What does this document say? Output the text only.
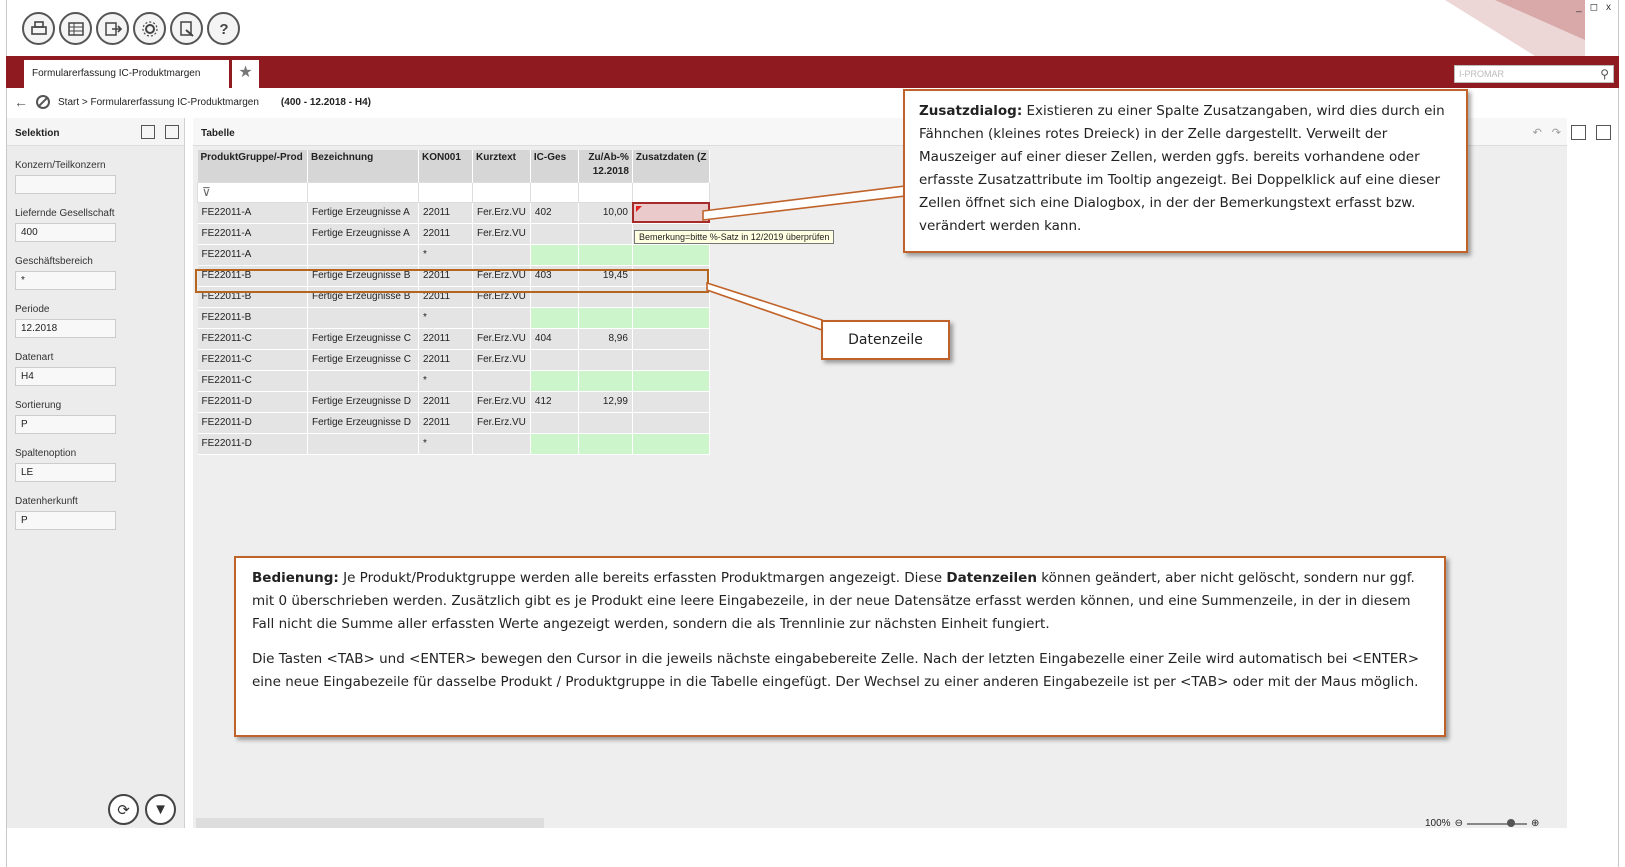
_ ◻ x
?
Formularerfassung IC-Produktmargen	★	I-PROMAR	⚲
←	Start > Formularerfassung IC-Produktmargen (400 - 12.2018 - H4)
Selektion
Konzern/Teilkonzern
Liefernde Gesellschaft
400
Geschäftsbereich
*
Periode
12.2018
Datenart
H4
Sortierung
P
Spaltenoption
LE
Datenherkunft
P
⟳	▼
Tabelle
ProduktGruppe/-Prod	Bezeichnung	KON001	Kurztext	IC-Ges	Zu/Ab-%
12.2018	Zusatzdaten (Z
⊽						
FE22011-A	Fertige Erzeugnisse A	22011	Fer.Erz.VU	402	10,00	

FE22011-A	Fertige Erzeugnisse A	22011	Fer.Erz.VU			
FE22011-A		*				
FE22011-B	Fertige Erzeugnisse B	22011	Fer.Erz.VU	403	19,45	
FE22011-B	Fertige Erzeugnisse B	22011	Fer.Erz.VU			
FE22011-B		*				
FE22011-C	Fertige Erzeugnisse C	22011	Fer.Erz.VU	404	8,96	
FE22011-C	Fertige Erzeugnisse C	22011	Fer.Erz.VU			
FE22011-C		*				
FE22011-D	Fertige Erzeugnisse D	22011	Fer.Erz.VU	412	12,99	
FE22011-D	Fertige Erzeugnisse D	22011	Fer.Erz.VU			
FE22011-D		*				
↶ ↷
Bemerkung=bitte %-Satz in 12/2019 überprüfen
Zusatzdialog: Existieren zu einer Spalte Zusatzangaben, wird dies durch ein Fähnchen (kleines rotes Dreieck) in der Zelle dargestellt. Verweilt der Mauszeiger auf einer dieser Zellen, werden ggfs. bereits vorhandene oder erfasste Zusatzattribute im Tooltip angezeigt. Bei Doppelklick auf eine dieser Zellen öffnet sich eine Dialogbox, in der der Bemerkungstext erfasst bzw. verändert werden kann.
Datenzeile

Bedienung: Je Produkt/Produktgruppe werden alle bereits erfassten Produktmargen angezeigt. Diese Datenzeilen können geändert, aber nicht gelöscht, sondern nur ggf. mit 0 überschrieben werden. Zusätzlich gibt es je Produkt eine leere Eingabezeile, in der neue Datensätze erfasst werden können, und eine Summenzeile, in der in diesem Fall nicht die Summe aller erfassten Werte angezeigt werden, sondern die als Trennlinie zur nächsten Einheit fungiert.

Die Tasten <TAB> und <ENTER> bewegen den Cursor in die jeweils nächste eingabebereite Zelle. Nach der letzten Eingabezelle einer Zeile wird automatisch bei <ENTER> eine neue Eingabezeile für dasselbe Produkt / Produktgruppe in die Tabelle eingefügt. Der Wechsel zu einer anderen Eingabezeile ist per <TAB> oder mit der Maus möglich.

100% ⊖	⊕
